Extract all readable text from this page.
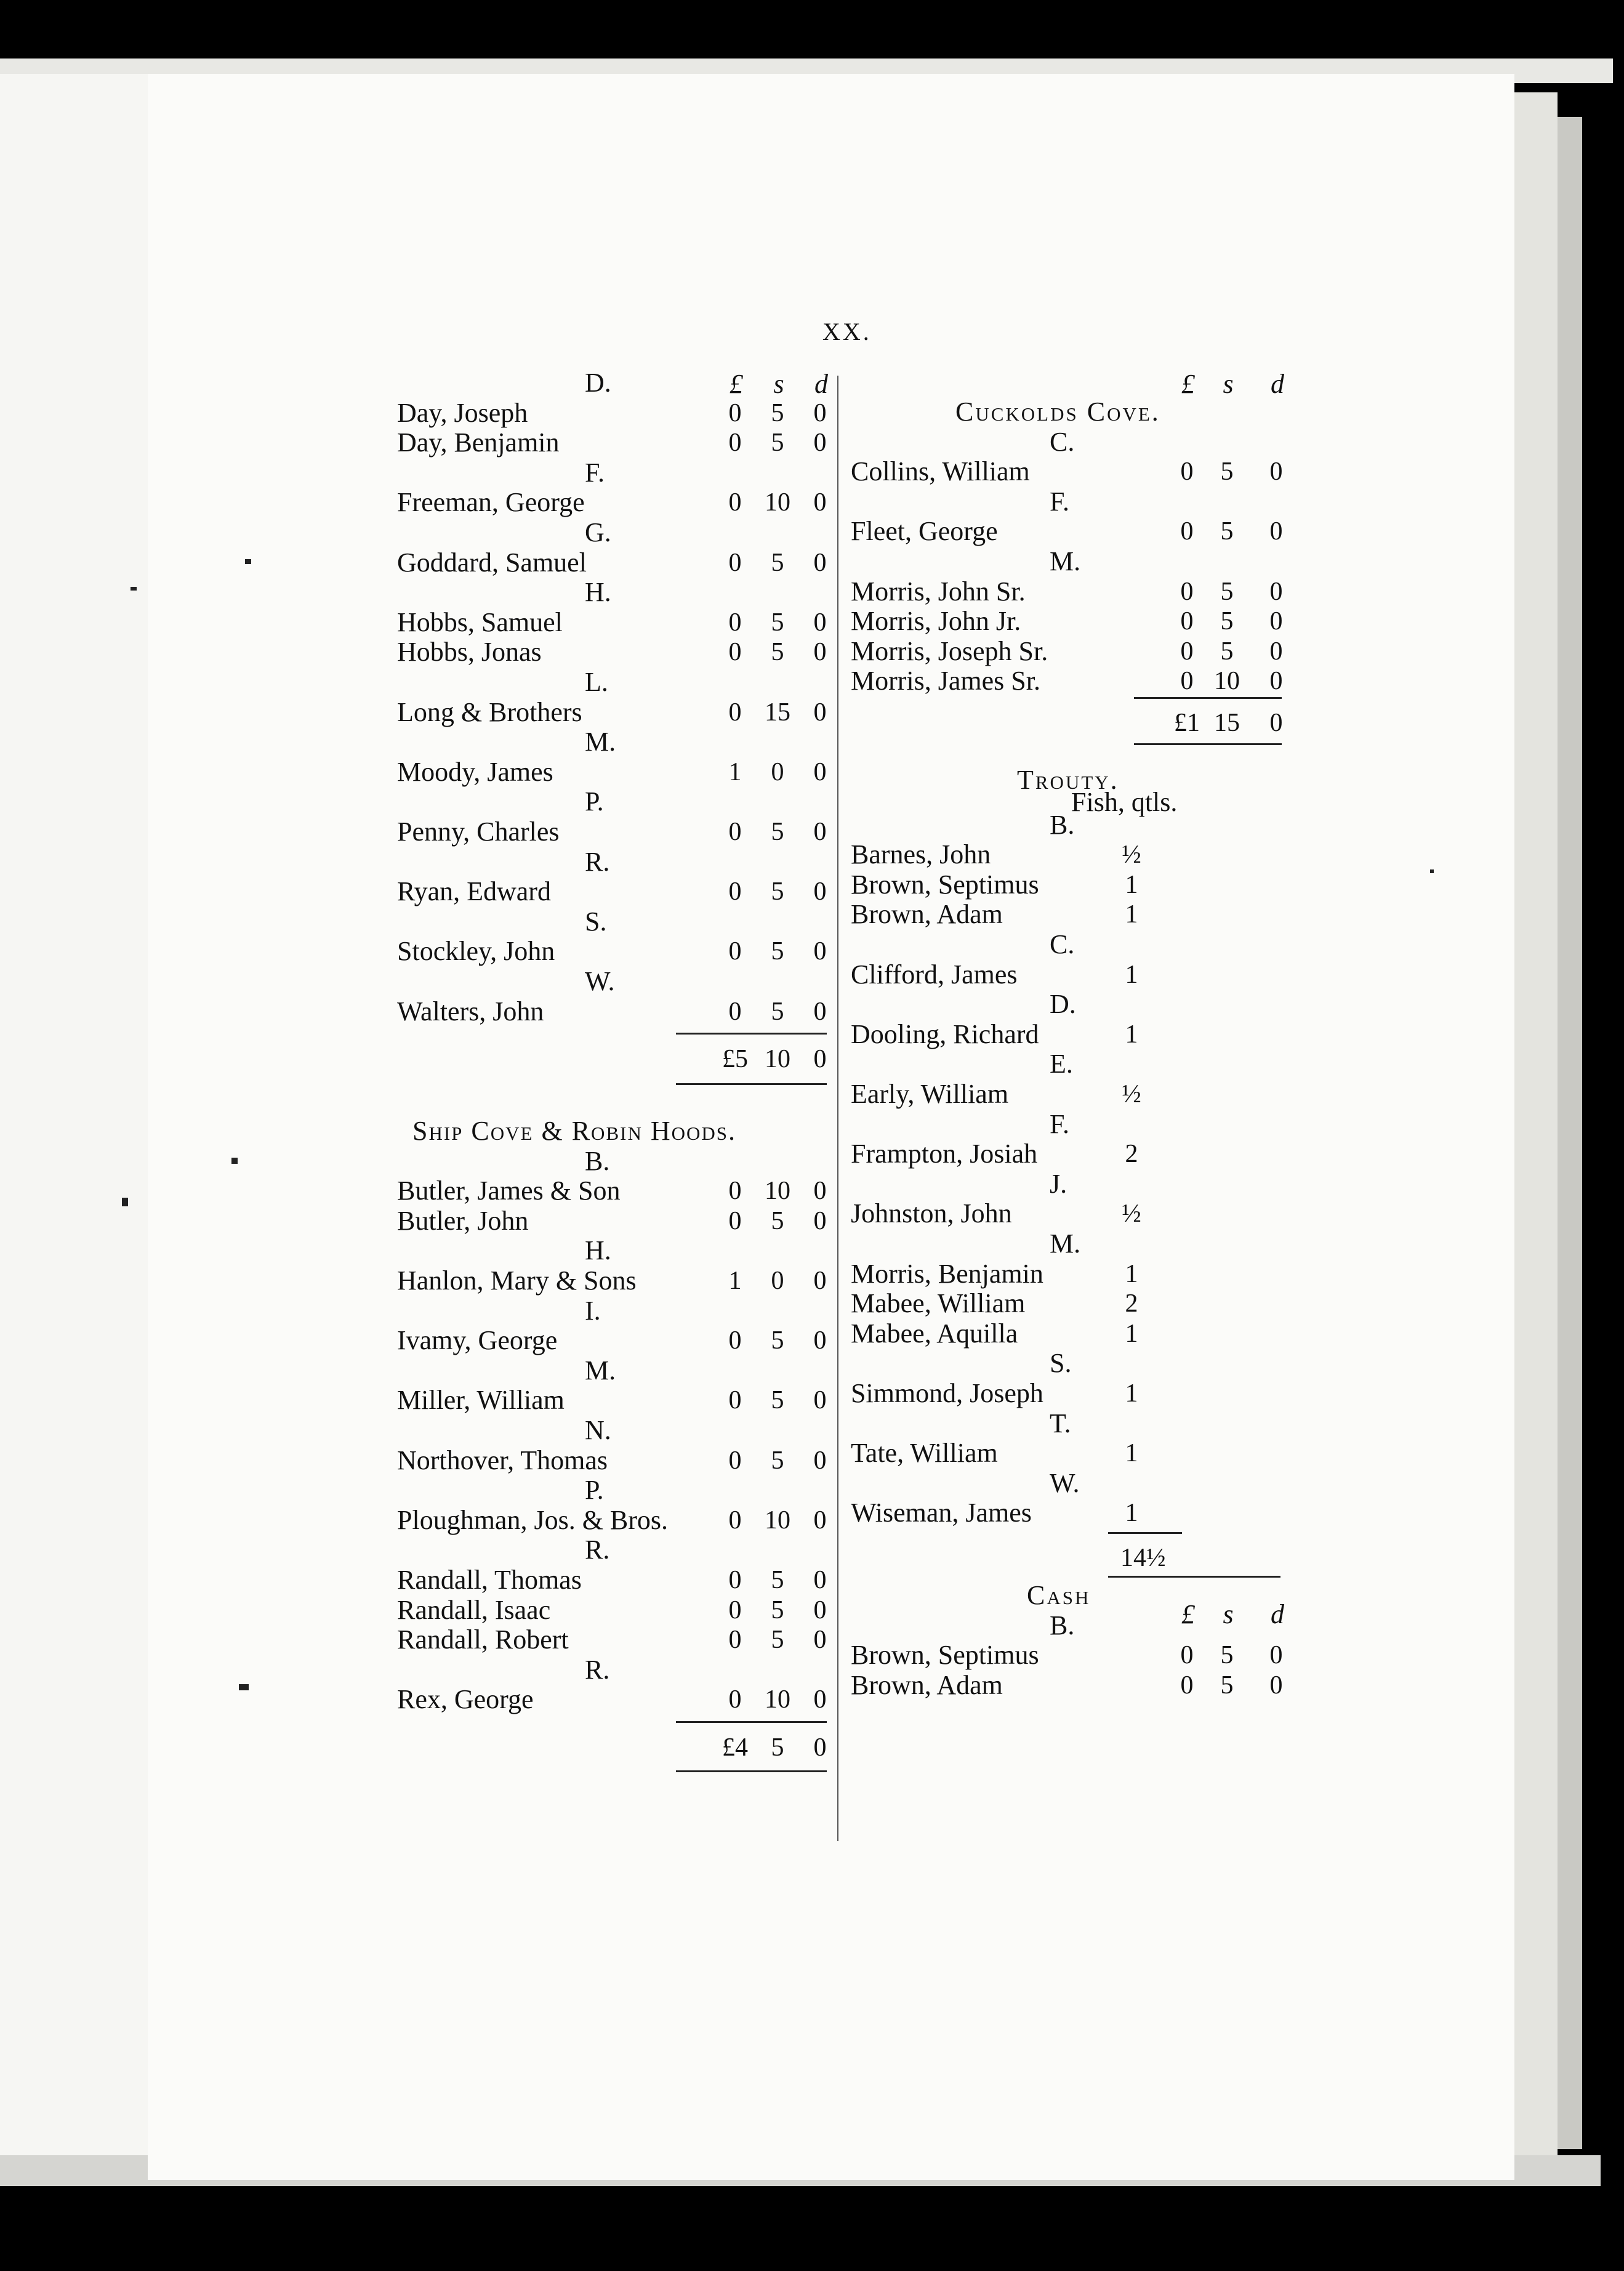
XX.
£	s	d
D.
Day, Joseph	0	5	0
Day, Benjamin	0	5	0
F.
Freeman, George	0 10 0
G.
Goddard, Samuel	0	5	0
H.
Hobbs, Samuel	0	5	0
Hobbs, Jonas	0	5	0
L.
Long & Brothers	0 15 0
M.
Moody, James	1	0	0
P.
Penny, Charles	0	5	0
R.
Ryan, Edward	0	5	0
S.
Stockley, John	0	5	0
W.
Walters, John	0	5	0
£5 10 0
Ship Cove & Robin Hoods.
B.
Butler, James & Son	0 10 0
Butler, John	0	5	0
H.
Hanlon, Mary & Sons	1	0	0
I.
Ivamy, George	0	5	0
M.
Miller, William	0	5	0
N.
Northover, Thomas	0	5	0
P.
Ploughman, Jos. & Bros.	0 10 0
R.
Randall, Thomas	0	5	0
Randall, Isaac	0	5	0
Randall, Robert	0	5	0
R.
Rex, George	0 10 0
£4 5	0
£	s	d
Cuckolds Cove.
C.
Collins, William	0	5	0
F.
Fleet, George	0	5	0
M.
Morris, John Sr.	0	5	0
Morris, John Jr.	0	5	0
Morris, Joseph Sr.	0	5	0
Morris, James Sr.	0 10	0
£1 15	0
Trouty.
Fish, qtls.
B.
Barnes, John	½
Brown, Septimus	1
Brown, Adam	1
C.
Clifford, James	1
D.
Dooling, Richard	1
E.
Early, William	½
F.
Frampton, Josiah	2
J.
Johnston, John	½
M.
Morris, Benjamin	1
Mabee, William	2
Mabee, Aquilla	1
S.
Simmond, Joseph	1
T.
Tate, William	1
W.
Wiseman, James	1
14½
Cash
£	s	d
B.
Brown, Septimus	0	5	0
Brown, Adam	0	5	0
